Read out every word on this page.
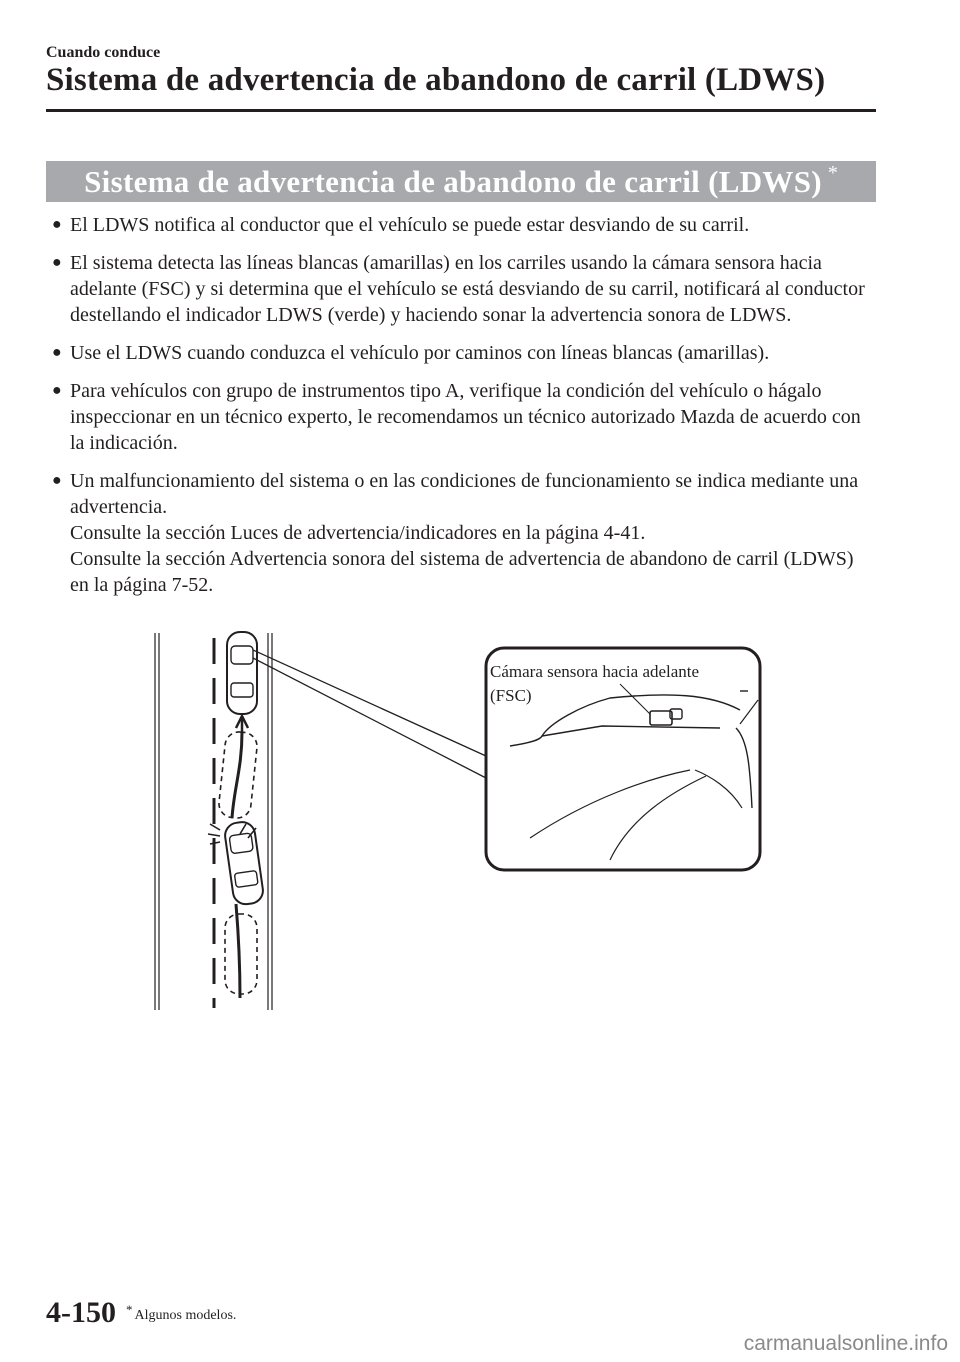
Cuando conduce
Sistema de advertencia de abandono de carril (LDWS)
Sistema de advertencia de abandono de carril (LDWS) *
● El LDWS notifica al conductor que el vehículo se puede estar desviando de su carril.

● El sistema detecta las líneas blancas (amarillas) en los carriles usando la cámara sensora hacia adelante (FSC) y si determina que el vehículo se está desviando de su carril, notificará al conductor destellando el indicador LDWS (verde) y haciendo sonar la advertencia sonora de LDWS.

● Use el LDWS cuando conduzca el vehículo por caminos con líneas blancas (amarillas).

● Para vehículos con grupo de instrumentos tipo A, verifique la condición del vehículo o hágalo inspeccionar en un técnico experto, le recomendamos un técnico autorizado Mazda de acuerdo con la indicación.

● Un malfuncionamiento del sistema o en las condiciones de funcionamiento se indica mediante una advertencia.

Consulte la sección Luces de advertencia/indicadores en la página 4-41.

Consulte la sección Advertencia sonora del sistema de advertencia de abandono de carril (LDWS) en la página 7-52.

Cámara sensora hacia adelante
(FSC)
4-150 * Algunos modelos.
carmanualsonline.info
